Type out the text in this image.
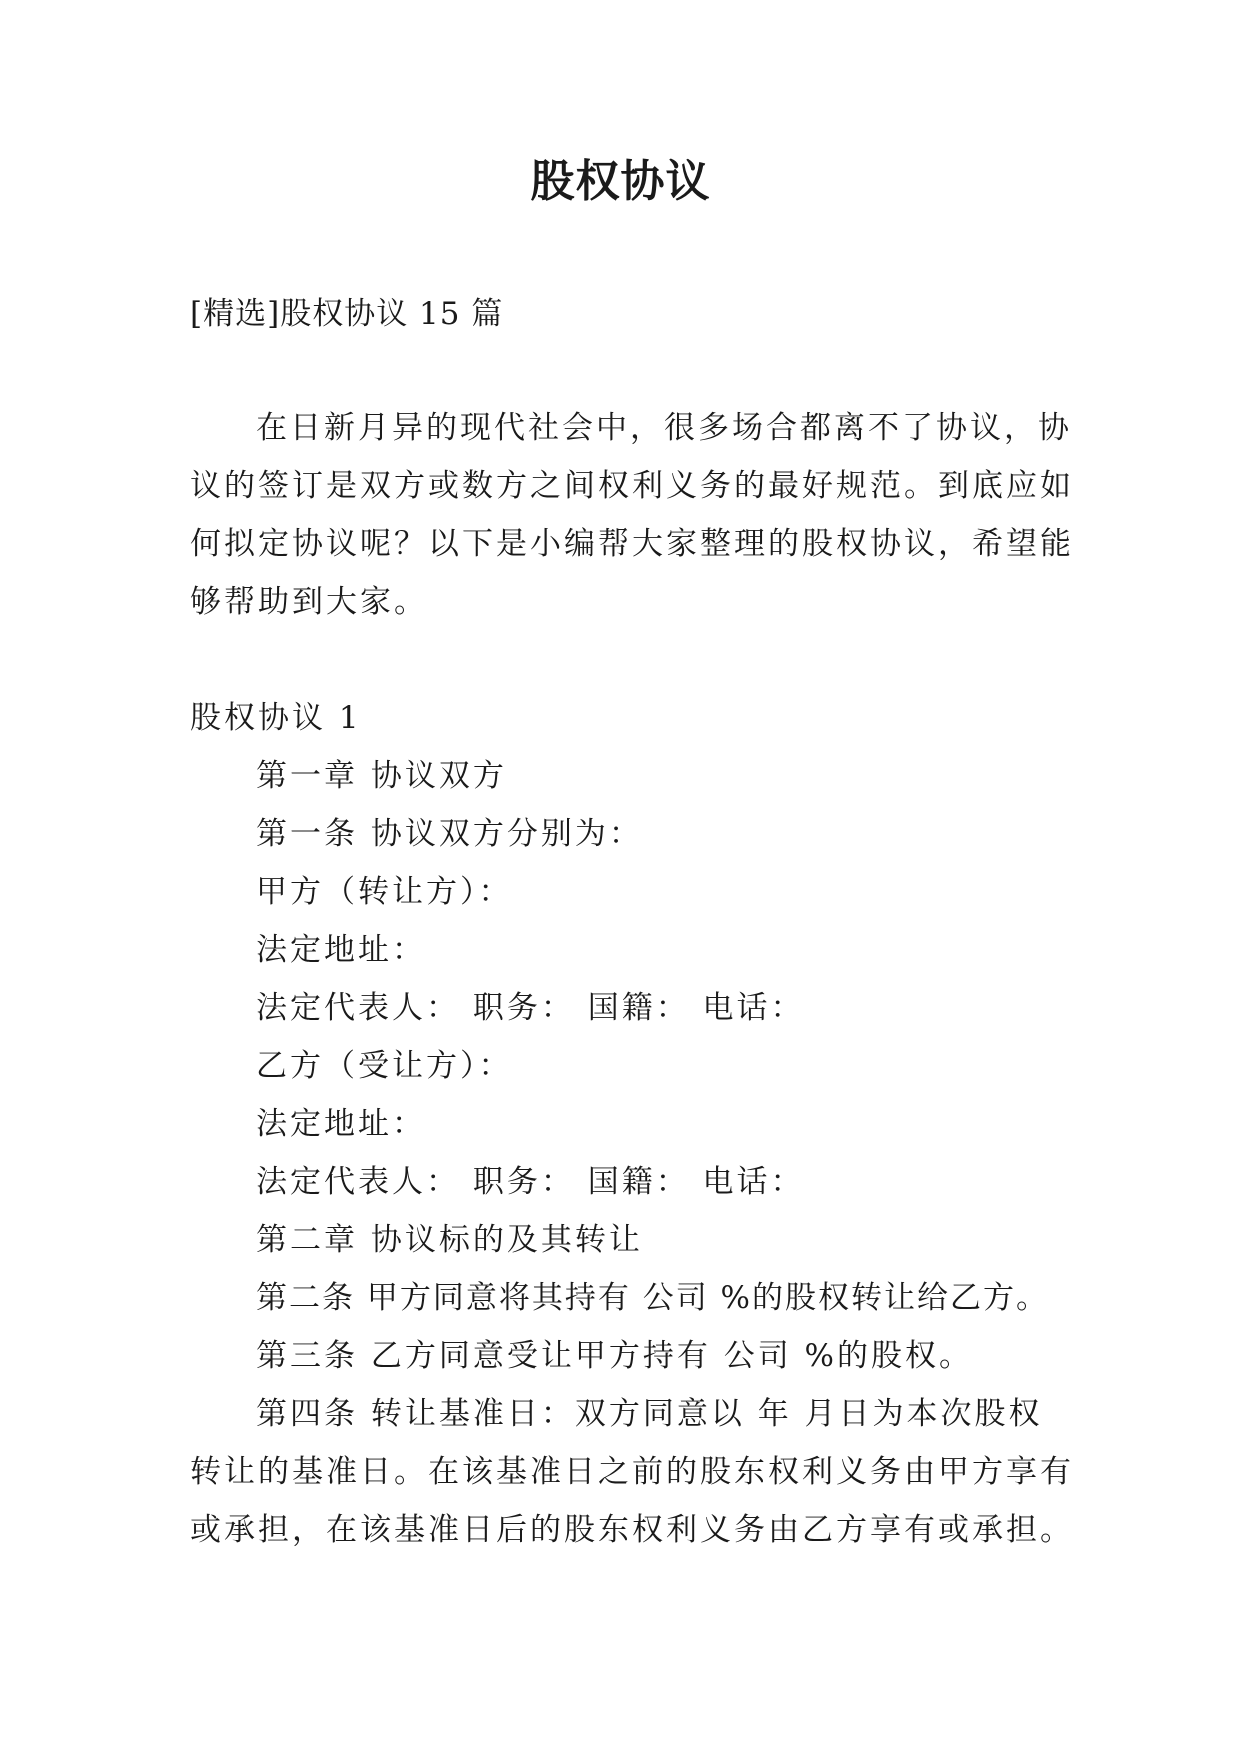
股权协议
[精选]股权协议 15 篇
在日新月异的现代社会中，很多场合都离不了协议，协
议的签订是双方或数方之间权利义务的最好规范。到底应如
何拟定协议呢？以下是小编帮大家整理的股权协议，希望能
够帮助到大家。
股权协议 1
第一章 协议双方
第一条 协议双方分别为：
甲方（转让方）：
法定地址：
法定代表人： 职务： 国籍： 电话：
乙方（受让方）：
法定地址：
法定代表人： 职务： 国籍： 电话：
第二章 协议标的及其转让
第二条 甲方同意将其持有 公司 %的股权转让给乙方。
第三条 乙方同意受让甲方持有 公司 %的股权。
第四条 转让基准日：双方同意以 年 月日为本次股权
转让的基准日。在该基准日之前的股东权利义务由甲方享有
或承担，在该基准日后的股东权利义务由乙方享有或承担。
